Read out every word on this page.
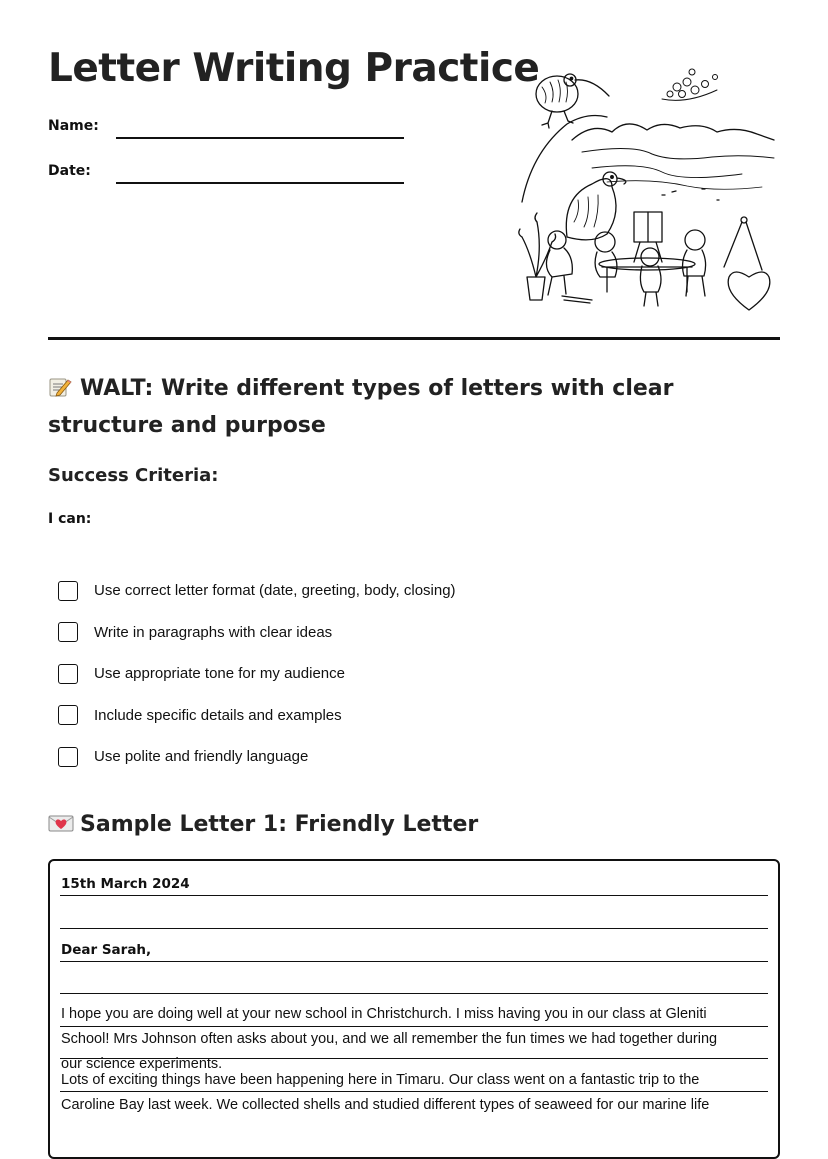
Letter Writing Practice
Name:
Date:
WALT: Write different types of letters with clear structure and purpose
Success Criteria:
I can:
Use correct letter format (date, greeting, body, closing)
Write in paragraphs with clear ideas
Use appropriate tone for my audience
Include specific details and examples
Use polite and friendly language
Sample Letter 1: Friendly Letter
15th March 2024
Dear Sarah,
I hope you are doing well at your new school in Christchurch. I miss having you in our class at Gleniti
School! Mrs Johnson often asks about you, and we all remember the fun times we had together during
our science experiments.
Lots of exciting things have been happening here in Timaru. Our class went on a fantastic trip to the
Caroline Bay last week. We collected shells and studied different types of seaweed for our marine life
